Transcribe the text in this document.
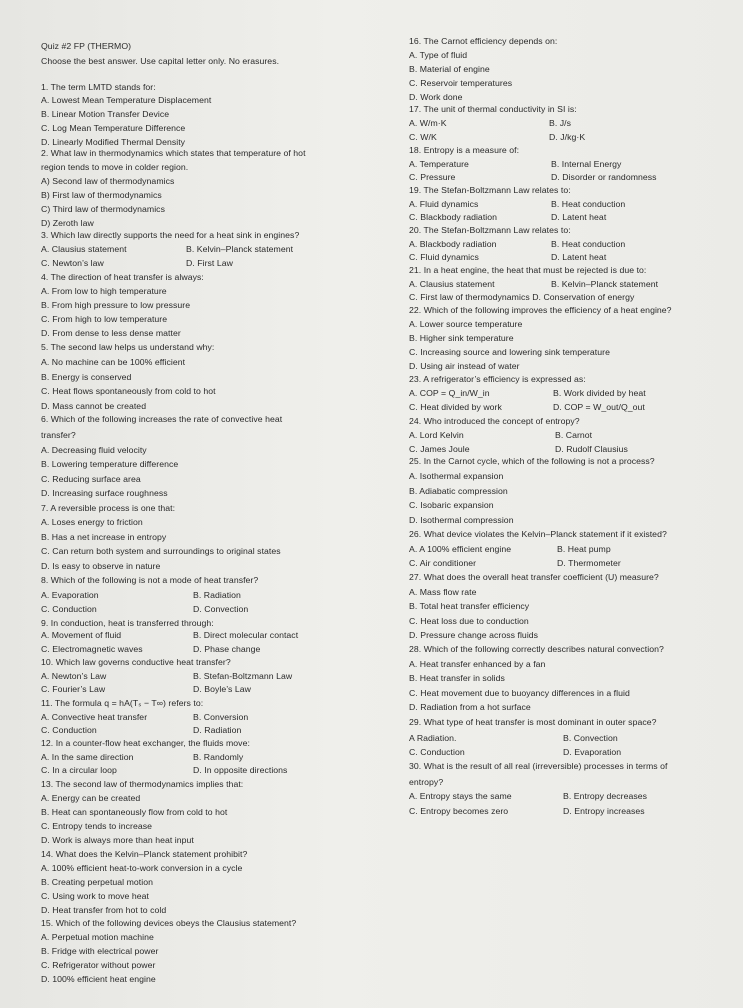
Quiz #2 FP (THERMO)
Choose the best answer. Use capital letter only. No erasures.
1. The term LMTD stands for:
A. Lowest Mean Temperature Displacement
B. Linear Motion Transfer Device
C. Log Mean Temperature Difference
D. Linearly Modified Thermal Density
2. What law in thermodynamics which states that temperature of hot
region tends to move in colder region.
A) Second law of thermodynamics
B) First law of thermodynamics
C) Third law of thermodynamics
D) Zeroth law
3. Which law directly supports the need for a heat sink in engines?
A. Clausius statement	B. Kelvin–Planck statement
C. Newton’s law	D. First Law
4. The direction of heat transfer is always:
A. From low to high temperature
B. From high pressure to low pressure
C. From high to low temperature
D. From dense to less dense matter
5. The second law helps us understand why:
A. No machine can be 100% efficient
B. Energy is conserved
C. Heat flows spontaneously from cold to hot
D. Mass cannot be created
6. Which of the following increases the rate of convective heat
transfer?
A. Decreasing fluid velocity
B. Lowering temperature difference
C. Reducing surface area
D. Increasing surface roughness
7. A reversible process is one that:
A. Loses energy to friction
B. Has a net increase in entropy
C. Can return both system and surroundings to original states
D. Is easy to observe in nature
8. Which of the following is not a mode of heat transfer?
A. Evaporation	B. Radiation
C. Conduction	D. Convection
9. In conduction, heat is transferred through:
A. Movement of fluid	B. Direct molecular contact
C. Electromagnetic waves	D. Phase change
10. Which law governs conductive heat transfer?
A. Newton’s Law	B. Stefan-Boltzmann Law
C. Fourier’s Law	D. Boyle’s Law
11. The formula q = hA(Tₛ − T∞) refers to:
A. Convective heat transfer	B. Conversion
C. Conduction	D. Radiation
12. In a counter-flow heat exchanger, the fluids move:
A. In the same direction	B. Randomly
C. In a circular loop	D. In opposite directions
13. The second law of thermodynamics implies that:
A. Energy can be created
B. Heat can spontaneously flow from cold to hot
C. Entropy tends to increase
D. Work is always more than heat input
14. What does the Kelvin–Planck statement prohibit?
A. 100% efficient heat-to-work conversion in a cycle
B. Creating perpetual motion
C. Using work to move heat
D. Heat transfer from hot to cold
15. Which of the following devices obeys the Clausius statement?
A. Perpetual motion machine
B. Fridge with electrical power
C. Refrigerator without power
D. 100% efficient heat engine
16. The Carnot efficiency depends on:
A. Type of fluid
B. Material of engine
C. Reservoir temperatures
D. Work done
17. The unit of thermal conductivity in SI is:
A. W/m·K	B. J/s
C. W/K	D. J/kg·K
18. Entropy is a measure of:
A. Temperature	B. Internal Energy
C. Pressure	D. Disorder or randomness
19. The Stefan-Boltzmann Law relates to:
A. Fluid dynamics	B. Heat conduction
C. Blackbody radiation	D. Latent heat
20. The Stefan-Boltzmann Law relates to:
A. Blackbody radiation	B. Heat conduction
C. Fluid dynamics	D. Latent heat
21. In a heat engine, the heat that must be rejected is due to:
A. Clausius statement	B. Kelvin–Planck statement
C. First law of thermodynamics D. Conservation of energy
22. Which of the following improves the efficiency of a heat engine?
A. Lower source temperature
B. Higher sink temperature
C. Increasing source and lowering sink temperature
D. Using air instead of water
23. A refrigerator’s efficiency is expressed as:
A. COP = Q_in/W_in	B. Work divided by heat
C. Heat divided by work	D. COP = W_out/Q_out
24. Who introduced the concept of entropy?
A. Lord Kelvin	B. Carnot
C. James Joule	D. Rudolf Clausius
25. In the Carnot cycle, which of the following is not a process?
A. Isothermal expansion
B. Adiabatic compression
C. Isobaric expansion
D. Isothermal compression
26. What device violates the Kelvin–Planck statement if it existed?
A. A 100% efficient engine	B. Heat pump
C. Air conditioner	D. Thermometer
27. What does the overall heat transfer coefficient (U) measure?
A. Mass flow rate
B. Total heat transfer efficiency
C. Heat loss due to conduction
D. Pressure change across fluids
28. Which of the following correctly describes natural convection?
A. Heat transfer enhanced by a fan
B. Heat transfer in solids
C. Heat movement due to buoyancy differences in a fluid
D. Radiation from a hot surface
29. What type of heat transfer is most dominant in outer space?
A Radiation.	B. Convection
C. Conduction	D. Evaporation
30. What is the result of all real (irreversible) processes in terms of
entropy?
A. Entropy stays the same	B. Entropy decreases
C. Entropy becomes zero	D. Entropy increases
